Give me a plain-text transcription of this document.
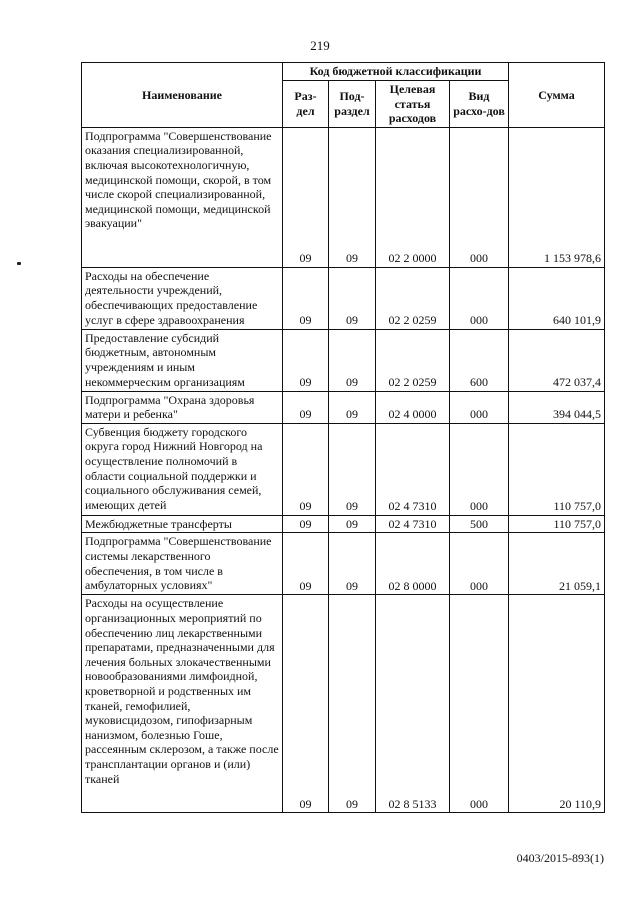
219
Наименование	Код бюджетной классификации				Сумма
	Раз-дел	Под-раздел	Целевая статья расходов	Вид расхо-дов	
Подпрограмма "Совершенствование оказания специализированной, включая высокотехнологичную, медицинской помощи, скорой, в том числе скорой специализированной, медицинской помощи, медицинской эвакуации"	09	09	02 2 0000	000	1 153 978,6
Расходы на обеспечение деятельности учреждений, обеспечивающих предоставление услуг в сфере здравоохранения	09	09	02 2 0259	000	640 101,9
Предоставление субсидий бюджетным, автономным учреждениям и иным некоммерческим организациям	09	09	02 2 0259	600	472 037,4
Подпрограмма "Охрана здоровья матери и ребенка"	09	09	02 4 0000	000	394 044,5
Субвенция бюджету городского округа город Нижний Новгород на осуществление полномочий в области социальной поддержки и социального обслуживания семей, имеющих детей	09	09	02 4 7310	000	110 757,0
Межбюджетные трансферты	09	09	02 4 7310	500	110 757,0
Подпрограмма "Совершенствование системы лекарственного обеспечения, в том числе в амбулаторных условиях"	09	09	02 8 0000	000	21 059,1
Расходы на осуществление организационных мероприятий по обеспечению лиц лекарственными препаратами, предназначенными для лечения больных злокачественными новообразованиями лимфоидной, кроветворной и родственных им тканей, гемофилией, муковисцидозом, гипофизарным нанизмом, болезнью Гоше, рассеянным склерозом, а также после трансплантации органов и (или) тканей	09	09	02 8 5133	000	20 110,9
0403/2015-893(1)
